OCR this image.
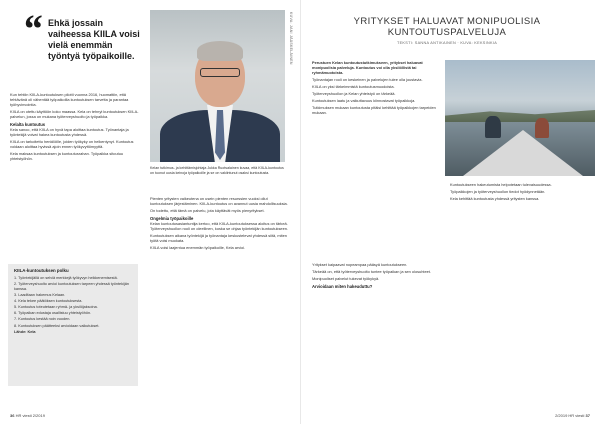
“ Ehkä jossain vaiheessa KIILA voisi vielä enemmän työntyä työpaikoille.	KUVA: JANI JÄÄSKELÄINEN
Kelan tutkimus- ja kehittämisjohtaja Jukka Ruotsalainen kuvaa, että KIILA-kuntoutus on tuonut uusia keinoja työpaikoille ja se on vakiintunut osaksi kuntoutusta.

Kun tehtiin KIILA-kuntoutuksen pilotti vuonna 2016, huomattiin, että tehtävänä oli vähentää työpaikoilla kuntoutuksen tarvetta ja parantaa työhyvinvointia.

KIILA on otettu käyttöön koko maassa. Kela on tehnyt kuntoutuksen KIILA-palvelun, jossa on mukana työterveyshuolto ja työpaikka.

Kelalta kuntoutus

Kela sanoo, että KIILA on hyvä tapa aloittaa kuntoutus. Työnantaja ja työntekijä voivat hakea kuntoutusta yhdessä.

KIILA on tarkoitettu henkilöille, joiden työkyky on heikentynyt. Kuntoutus voidaan aloittaa hyvissä ajoin ennen työkyvyttömyyttä.

Kela maksaa kuntoutuksen ja kuntoutusrahan. Työpaikka sitoutuu yhteistyöhön.

KIILA-kuntoutuksen polku
1. Työntekijällä on selviä merkkejä työkyvyn heikkenemisestä.
2. Työterveyshuolto arvioi kuntoutuksen tarpeen yhdessä työntekijän kanssa.
3. Laaditaan hakemus Kelaan.
4. Kela tekee päätöksen kuntoutuksesta.
5. Kuntoutus toteutetaan ryhmä- ja yksilöjaksoina.
6. Työpaikan edustaja osallistuu yhteistyöhön.
7. Kuntoutus kestää noin vuoden.
8. Kuntoutuksen päätteeksi arvioidaan vaikutukset.
Lähde: Kela

Pienten yritysten vaikeutena on usein pienten resurssien vuoksi ollut kuntoutuksen järjestäminen. KIILA-kuntoutus on avannut uusia mahdollisuuksia.

On todettu, että tämä on palvelu, jota käyttävät myös pienyritykset.

Ongelmia työpaikoille

Kelan kuntoutusasiantuntija kertoo, että KIILA-kuntoutuksessa aloitus on tärkeä. Työterveyshuollon rooli on oleellinen, koska se ohjaa työntekijän kuntoutukseen.

Kuntoutuksen aikana työntekijä ja työnantaja keskustelevat yhdessä siitä, miten työtä voisi muokata.

KIILA voisi laajentua enemmän työpaikoille, Kela arvioi.

36 HR viesti 2/2019
YRITYKSET HALUAVAT MONIPUOLISIA KUNTOUTUSPALVELUJA
TEKSTI: SANNA ANTIKAINEN · KUVA: KEKSINKIA

Perustuen Kelan kuntoutustutkimukseen, yritykset haluavat monipuolisia palveluja. Kuntoutus voi olla yksilöllistä tai ryhmämuotoista.

Työnantajan rooli on keskeinen ja palvelujen tulee olla joustavia.

KIILA on yksi tärkeimmistä kuntoutusmuodoista.

Työterveyshuollon ja Kelan yhteistyö on tärkeää.

Kuntoutuksen laatu ja vaikuttavuus kiinnostavat työpaikkoja.

Tutkimuksen mukaan kuntoutusta pitäisi kehittää työpaikkojen tarpeiden mukaan.

Yritykset kaipaavat nopeampaa pääsyä kuntoutukseen.

Tärkeää on, että työterveyshuolto tuntee työpaikan ja sen olosuhteet.

Monipuoliset palvelut tukevat työkykyä.

Arvioidaan miten hakeuduttu?

Kuntoutukseen hakeutumista helpotetaan tulevaisuudessa.

Työpaikkojen ja työterveyshuollon tiedot hyödynnetään.

Kela kehittää kuntoutusta yhdessä yritysten kanssa.

2/2019 HR viesti 37
